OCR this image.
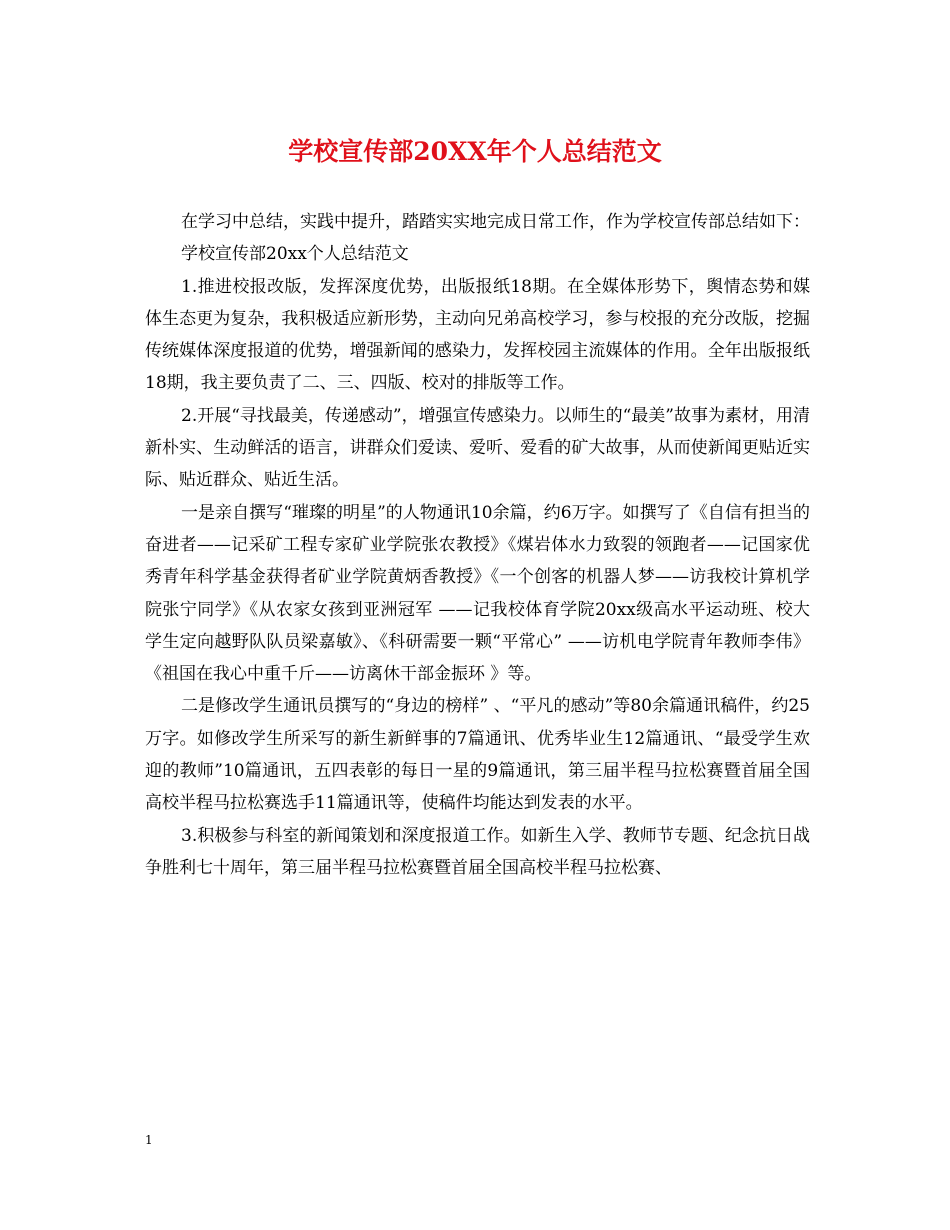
学校宣传部20XX年个人总结范文

在学习中总结，实践中提升，踏踏实实地完成日常工作，作为学校宣传部总结如下：

学校宣传部20xx个人总结范文

1.推进校报改版，发挥深度优势，出版报纸18期。在全媒体形势下，舆情态势和媒体生态更为复杂，我积极适应新形势，主动向兄弟高校学习，参与校报的充分改版，挖掘传统媒体深度报道的优势，增强新闻的感染力，发挥校园主流媒体的作用。全年出版报纸18期，我主要负责了二、三、四版、校对的排版等工作。

2.开展“寻找最美，传递感动”，增强宣传感染力。以师生的“最美”故事为素材，用清新朴实、生动鲜活的语言，讲群众们爱读、爱听、爱看的矿大故事，从而使新闻更贴近实际、贴近群众、贴近生活。

一是亲自撰写“璀璨的明星”的人物通讯10余篇，约6万字。如撰写了《自信有担当的奋进者——记采矿工程专家矿业学院张农教授》《煤岩体水力致裂的领跑者——记国家优秀青年科学基金获得者矿业学院黄炳香教授》《一个创客的机器人梦——访我校计算机学院张宁同学》《从农家女孩到亚洲冠军 ——记我校体育学院20xx级高水平运动班、校大学生定向越野队队员梁嘉敏》、《科研需要一颗“平常心” ——访机电学院青年教师李伟》《祖国在我心中重千斤——访离休干部金振环 》等。

二是修改学生通讯员撰写的“身边的榜样” 、“平凡的感动”等80余篇通讯稿件，约25万字。如修改学生所采写的新生新鲜事的7篇通讯、优秀毕业生12篇通讯、“最受学生欢迎的教师”10篇通讯，五四表彰的每日一星的9篇通讯，第三届半程马拉松赛暨首届全国高校半程马拉松赛选手11篇通讯等，使稿件均能达到发表的水平。

3.积极参与科室的新闻策划和深度报道工作。如新生入学、教师节专题、纪念抗日战争胜利七十周年，第三届半程马拉松赛暨首届全国高校半程马拉松赛、

1
